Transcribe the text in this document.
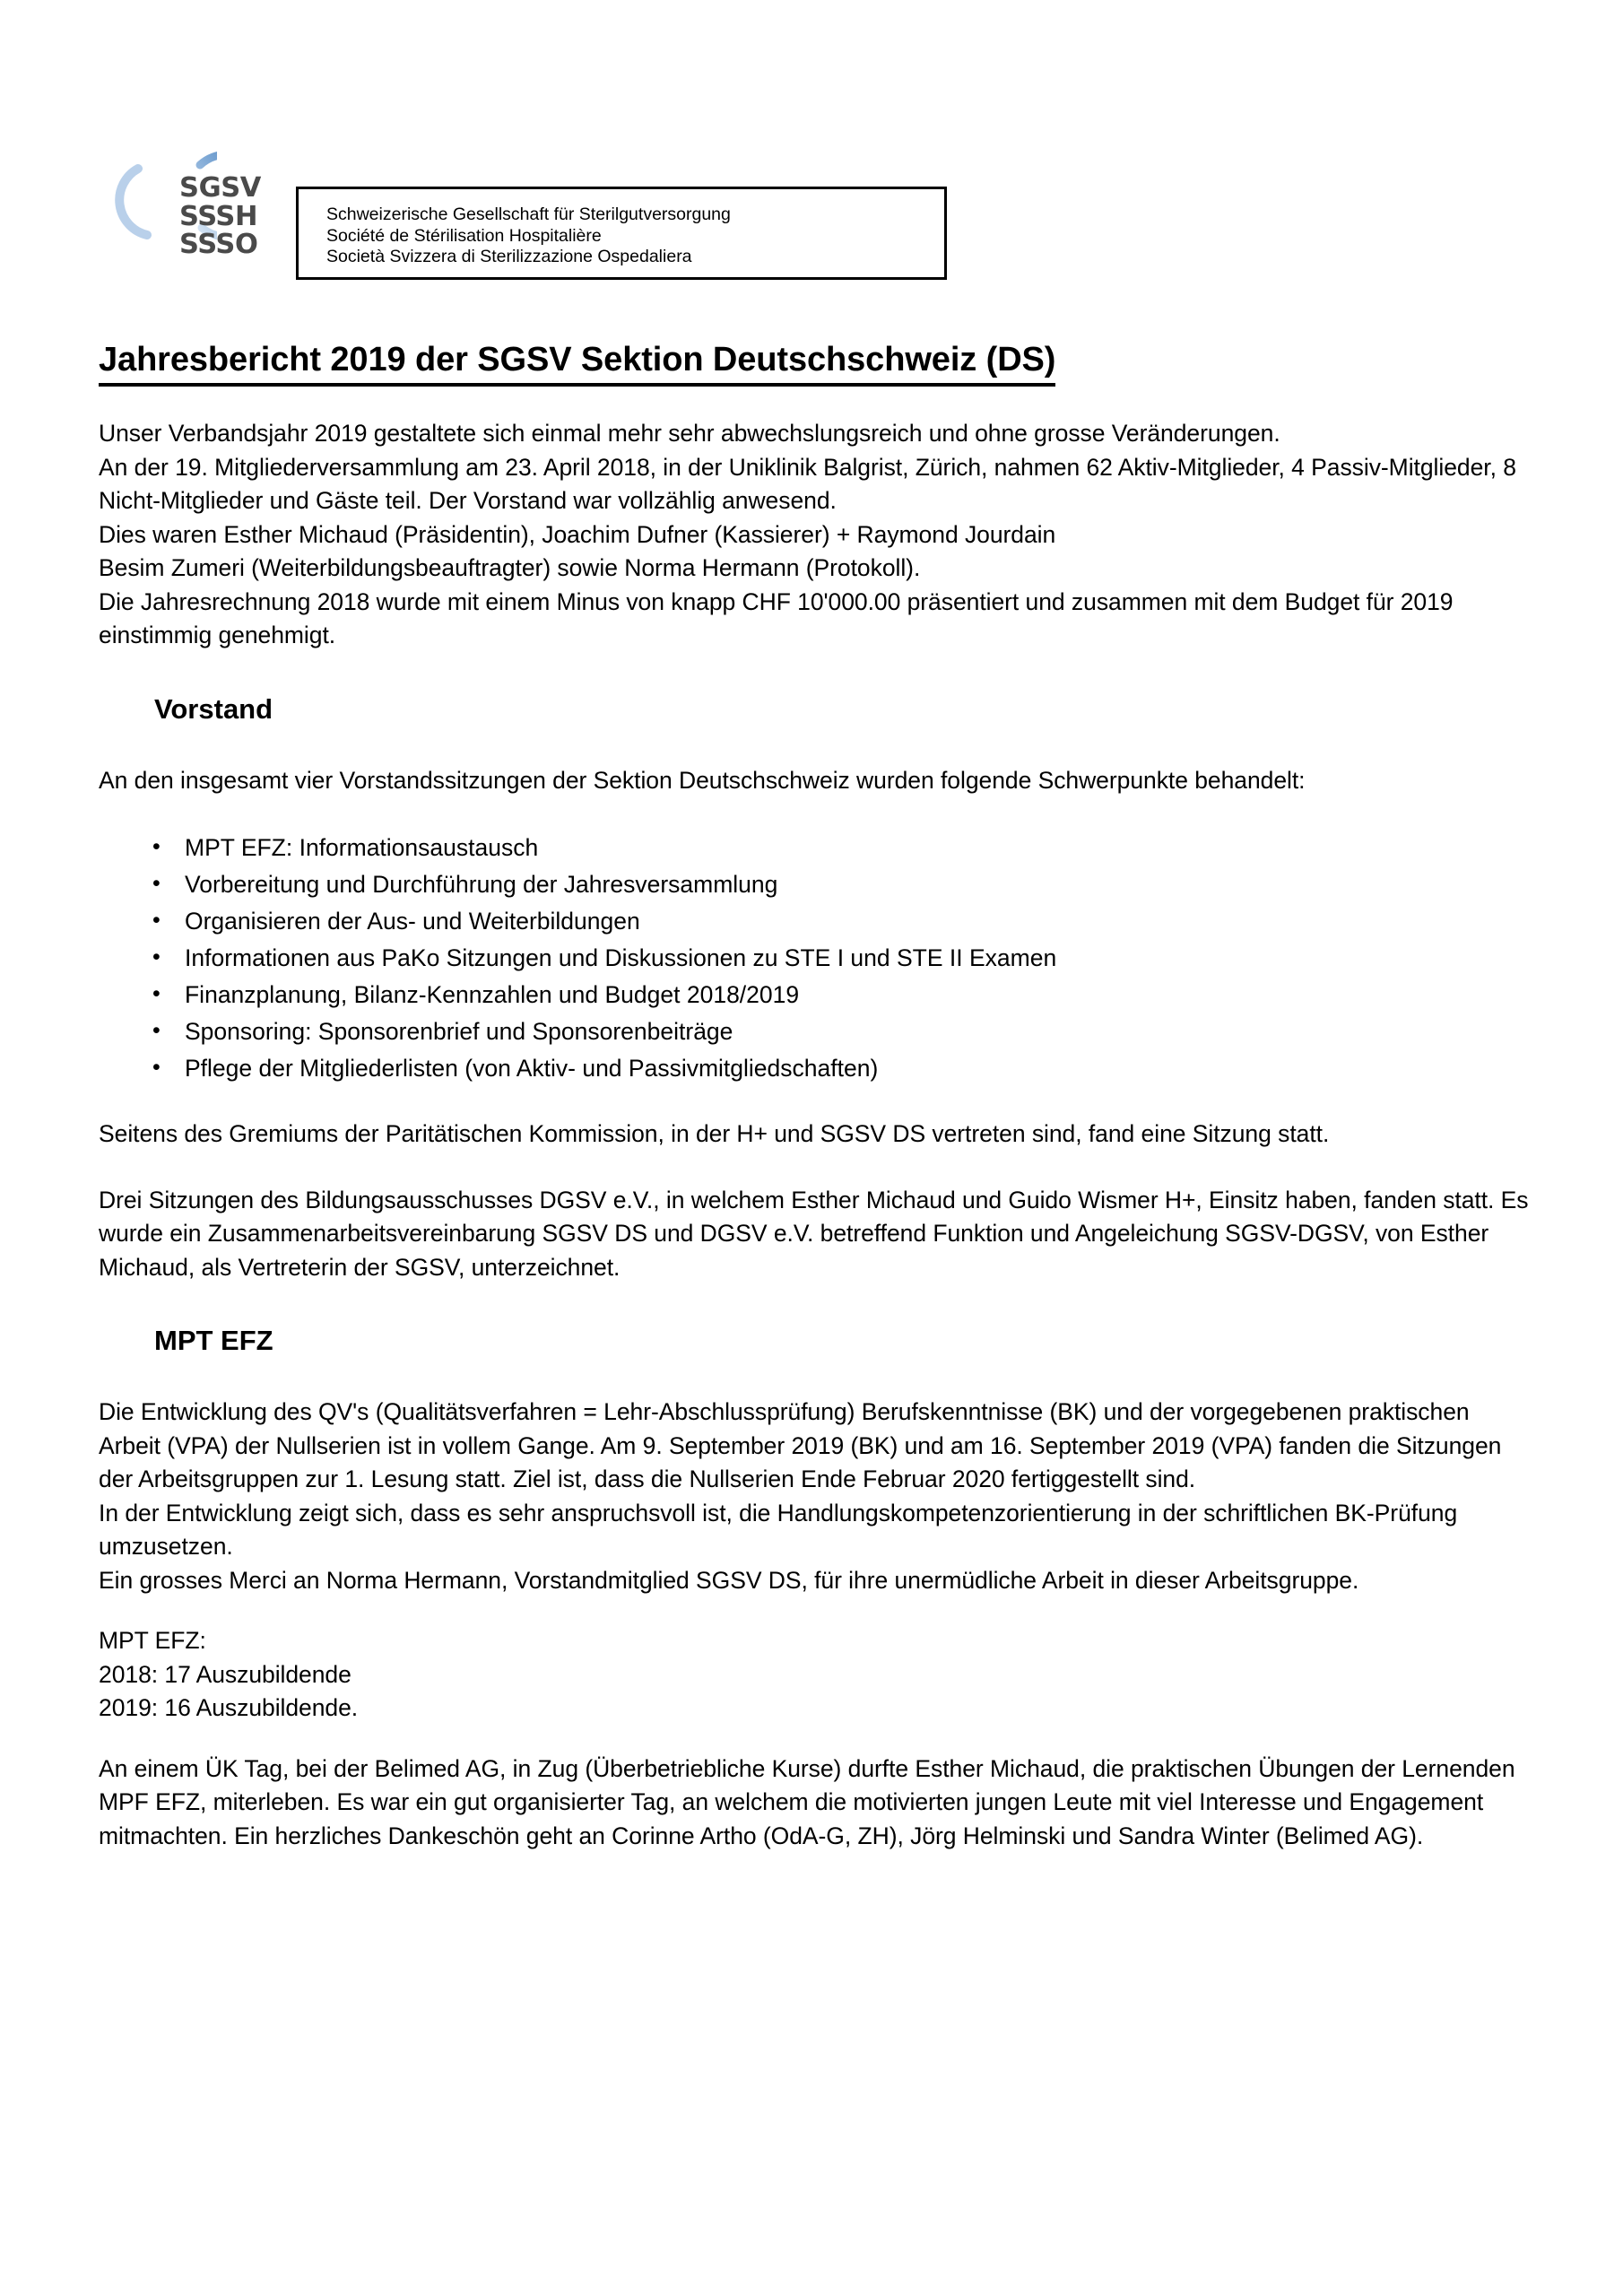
SGSV
SSSH
SSSO
Schweizerische Gesellschaft für Sterilgutversorgung
Société de Stérilisation Hospitalière
Società Svizzera di Sterilizzazione Ospedaliera
Jahresbericht 2019 der SGSV Sektion Deutschschweiz (DS)

Unser Verbandsjahr 2019 gestaltete sich einmal mehr sehr abwechslungsreich und ohne grosse Veränderungen.

An der 19. Mitgliederversammlung am 23. April 2018, in der Uniklinik Balgrist, Zürich, nahmen 62 Aktiv-Mitglieder, 4 Passiv-Mitglieder, 8 Nicht-Mitglieder und Gäste teil. Der Vorstand war vollzählig anwesend.

Dies waren Esther Michaud (Präsidentin), Joachim Dufner (Kassierer) + Raymond Jourdain

Besim Zumeri (Weiterbildungsbeauftragter) sowie Norma Hermann (Protokoll).

Die Jahresrechnung 2018 wurde mit einem Minus von knapp CHF 10'000.00 präsentiert und zusammen mit dem Budget für 2019 einstimmig genehmigt.

Vorstand

An den insgesamt vier Vorstandssitzungen der Sektion Deutschschweiz wurden folgende Schwerpunkte behandelt:

• MPT EFZ: Informationsaustausch
• Vorbereitung und Durchführung der Jahresversammlung
• Organisieren der Aus- und Weiterbildungen
• Informationen aus PaKo Sitzungen und Diskussionen zu STE I und STE II Examen
• Finanzplanung, Bilanz-Kennzahlen und Budget 2018/2019
• Sponsoring: Sponsorenbrief und Sponsorenbeiträge
• Pflege der Mitgliederlisten (von Aktiv- und Passivmitgliedschaften)

Seitens des Gremiums der Paritätischen Kommission, in der H+ und SGSV DS vertreten sind, fand eine Sitzung statt.

Drei Sitzungen des Bildungsausschusses DGSV e.V., in welchem Esther Michaud und Guido Wismer H+, Einsitz haben, fanden statt. Es wurde ein Zusammenarbeitsvereinbarung SGSV DS und DGSV e.V. betreffend Funktion und Angeleichung SGSV-DGSV, von Esther Michaud, als Vertreterin der SGSV, unterzeichnet.

MPT EFZ

Die Entwicklung des QV's (Qualitätsverfahren = Lehr-Abschlussprüfung) Berufskenntnisse (BK) und der vorgegebenen praktischen Arbeit (VPA) der Nullserien ist in vollem Gange. Am 9. September 2019 (BK) und am 16. September 2019 (VPA) fanden die Sitzungen der Arbeitsgruppen zur 1. Lesung statt. Ziel ist, dass die Nullserien Ende Februar 2020 fertiggestellt sind.

In der Entwicklung zeigt sich, dass es sehr anspruchsvoll ist, die Handlungskompetenzorientierung in der schriftlichen BK-Prüfung umzusetzen.

Ein grosses Merci an Norma Hermann, Vorstandmitglied SGSV DS, für ihre unermüdliche Arbeit in dieser Arbeitsgruppe.

MPT EFZ:

2018: 17 Auszubildende

2019: 16 Auszubildende.

An einem ÜK Tag, bei der Belimed AG, in Zug (Überbetriebliche Kurse) durfte Esther Michaud, die praktischen Übungen der Lernenden MPF EFZ, miterleben. Es war ein gut organisierter Tag, an welchem die motivierten jungen Leute mit viel Interesse und Engagement mitmachten. Ein herzliches Dankeschön geht an Corinne Artho (OdA-G, ZH), Jörg Helminski und Sandra Winter (Belimed AG).
